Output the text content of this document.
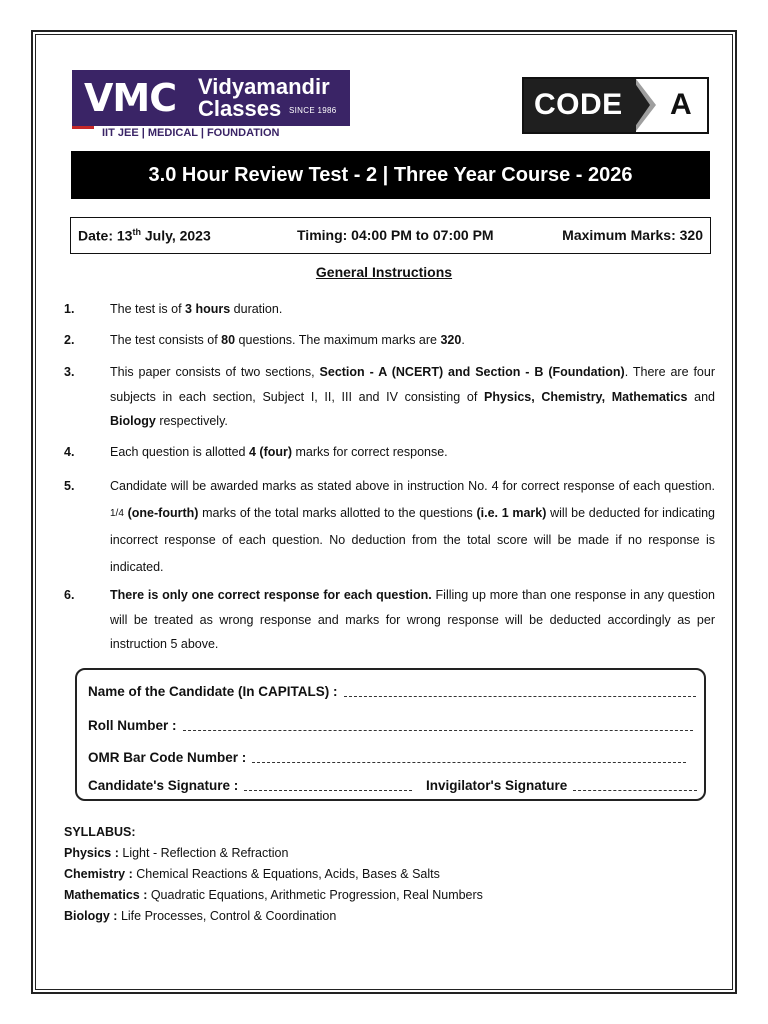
VMC Vidyamandir
Classes SINCE 1986
IIT JEE | MEDICAL | FOUNDATION
CODE A
3.0 Hour Review Test - 2 | Three Year Course - 2026
Date: 13th July, 2023	Timing: 04:00 PM to 07:00 PM	Maximum Marks: 320
General Instructions
1.	The test is of 3 hours duration.
2.	The test consists of 80 questions. The maximum marks are 320.
3.	This paper consists of two sections, Section - A (NCERT) and Section - B (Foundation). There are four subjects in each section, Subject I, II, III and IV consisting of Physics, Chemistry, Mathematics and Biology respectively.
4.	Each question is allotted 4 (four) marks for correct response.
5.	Candidate will be awarded marks as stated above in instruction No. 4 for correct response of each question. 1/4 (one-fourth) marks of the total marks allotted to the questions (i.e. 1 mark) will be deducted for indicating incorrect response of each question. No deduction from the total score will be made if no response is indicated.
6.	There is only one correct response for each question. Filling up more than one response in any question will be treated as wrong response and marks for wrong response will be deducted accordingly as per instruction 5 above.
Name of the Candidate (In CAPITALS) :
Roll Number :
OMR Bar Code Number :
Candidate's Signature :	Invigilator's Signature
SYLLABUS:
Physics : Light - Reflection & Refraction
Chemistry : Chemical Reactions & Equations, Acids, Bases & Salts
Mathematics : Quadratic Equations, Arithmetic Progression, Real Numbers
Biology : Life Processes, Control & Coordination
